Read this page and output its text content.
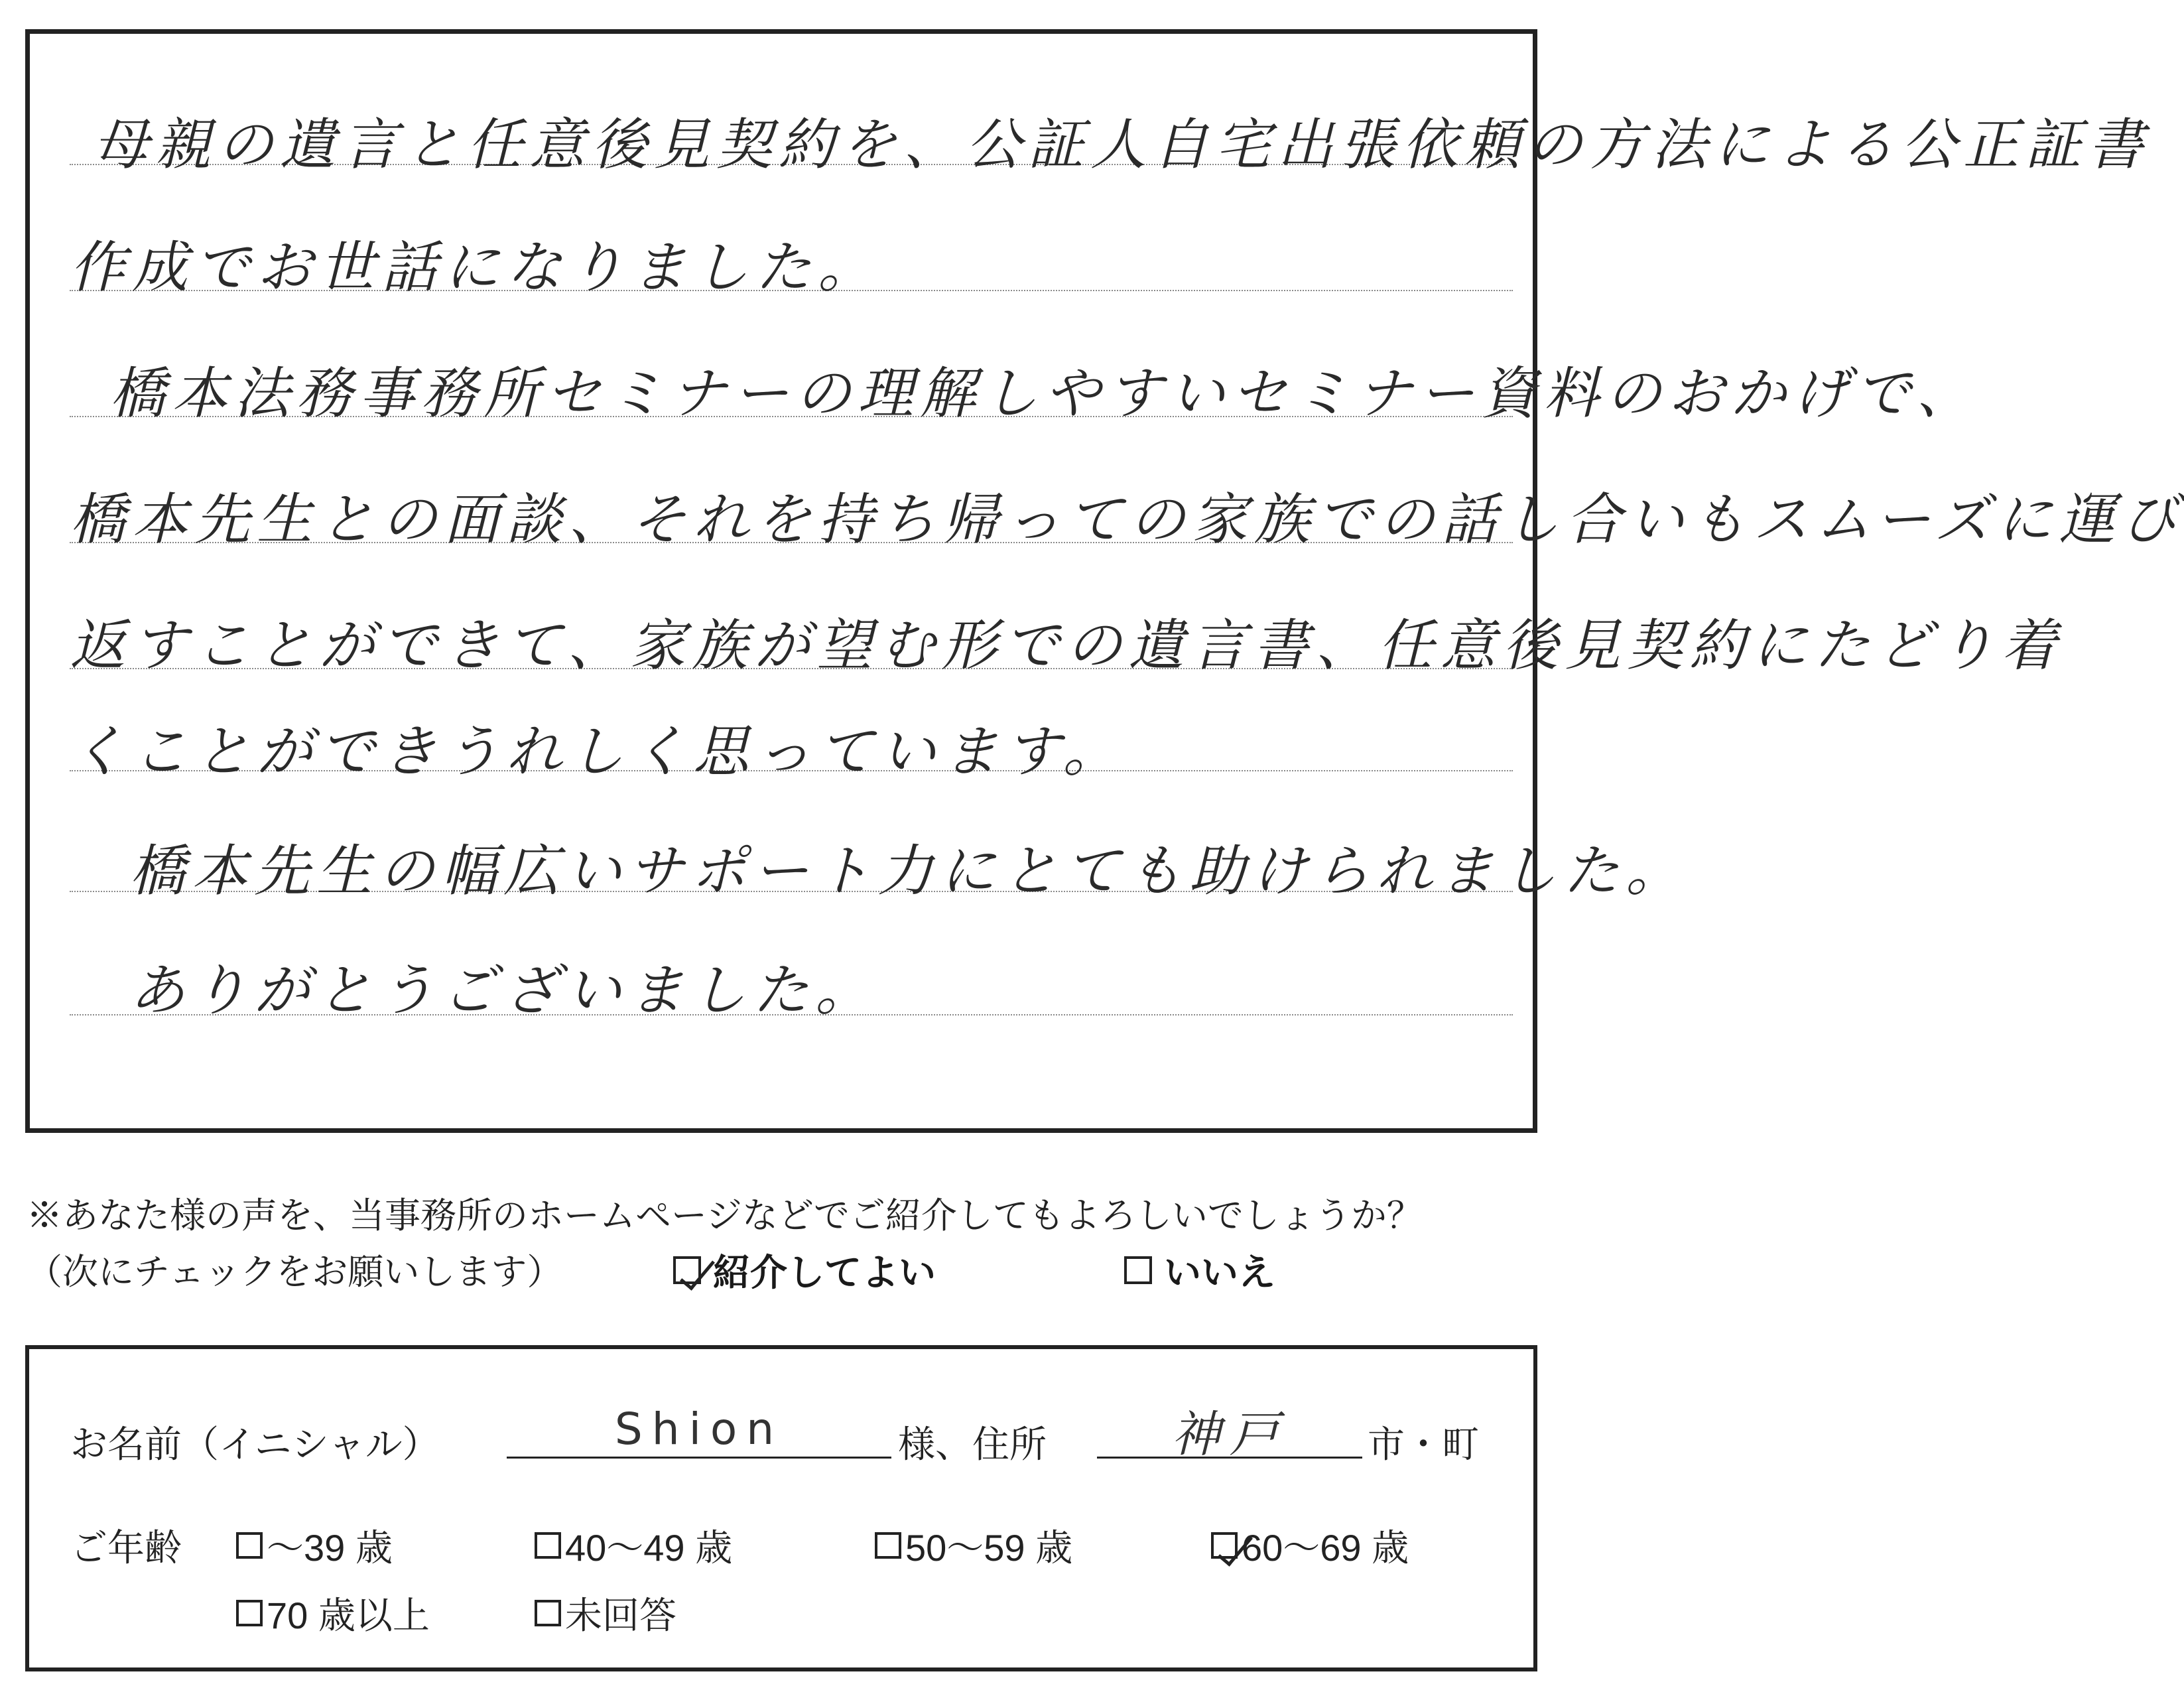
母親の遺言と任意後見契約を、公証人自宅出張依頼の方法による公正証書
作成でお世話になりました。
橋本法務事務所セミナーの理解しやすいセミナー資料のおかげで、
橋本先生との面談、それを持ち帰っての家族での話し合いもスムーズに運び
返すことができて、家族が望む形での遺言書、任意後見契約にたどり着
くことができうれしく思っています。
橋本先生の幅広いサポート力にとても助けられました。
ありがとうございました。
※あなた様の声を、当事務所のホームページなどでご紹介してもよろしいでしょうか？
（次にチェックをお願いします）	紹介してよい	いいえ
お名前（イニシャル）	Shion	様、住所	神戸	市・町
ご年齢 ～39 歳	40～49 歳	50～59 歳	60～69 歳
70 歳以上	未回答
